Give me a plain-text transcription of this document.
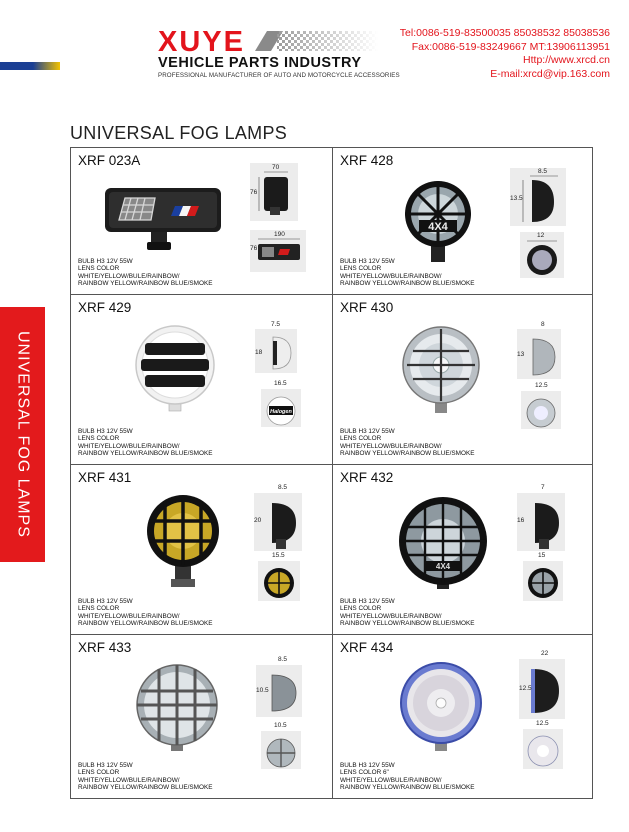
XUYE
VEHICLE PARTS INDUSTRY
PROFESSIONAL MANUFACTURER OF AUTO AND MOTORCYCLE ACCESSORIES
Tel:0086-519-83500035 85038532 85038536
Fax:0086-519-83249667 MT:13906113951
Http://www.xrcd.cn
E-mail:xrcd@vip.163.com
UNIVERSAL FOG LAMPS
UNIVERSAL FOG LAMPS
XRF 023A	70
76
190
76
BULB H3 12V 55W
LENS COLOR
WHITE/YELLOW/BULE/RAINBOW/
RAINBOW YELLOW/RAINBOW BLUE/SMOKE
XRF 428
4X4
8.5
13.5
12
BULB H3 12V 55W
LENS COLOR
WHITE/YELLOW/BULE/RAINBOW/
RAINBOW YELLOW/RAINBOW BLUE/SMOKE
XRF 429
7.5
18
Halogen
16.5
BULB H3 12V 55W
LENS COLOR
WHITE/YELLOW/BULE/RAINBOW/
RAINBOW YELLOW/RAINBOW BLUE/SMOKE
XRF 430
8
13
12.5
BULB H3 12V 55W
LENS COLOR
WHITE/YELLOW/BULE/RAINBOW/
RAINBOW YELLOW/RAINBOW BLUE/SMOKE
XRF 431
8.5
20
15.5
BULB H3 12V 55W
LENS COLOR
WHITE/YELLOW/BULE/RAINBOW/
RAINBOW YELLOW/RAINBOW BLUE/SMOKE
XRF 432
4X4
7
16
15
BULB H3 12V 55W
LENS COLOR
WHITE/YELLOW/BULE/RAINBOW/
RAINBOW YELLOW/RAINBOW BLUE/SMOKE
XRF 433
8.5
10.5
10.5
BULB H3 12V 55W
LENS COLOR
WHITE/YELLOW/BULE/RAINBOW/
RAINBOW YELLOW/RAINBOW BLUE/SMOKE
XRF 434	22
12.5
12.5
BULB H3 12V 55W
LENS COLOR 6"
WHITE/YELLOW/BULE/RAINBOW/
RAINBOW YELLOW/RAINBOW BLUE/SMOKE
